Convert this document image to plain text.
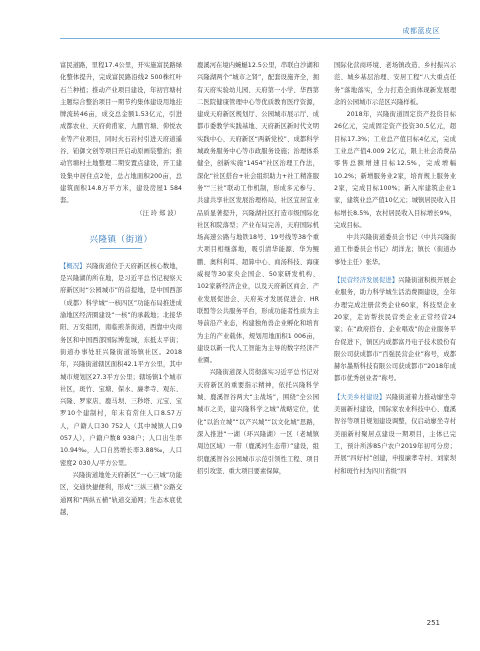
成都蓝皮区

富民道路，里程17.4公里，开实施富民路绿化整体提升，完成富民路沿线2 500株红叶石兰种植；推动产业项目建设，年初官塘村主题综合整治项目一期节约集体建设用地挂牌流转46亩，成交总金额1.53亿元，引进成都农业、天府荷甫家、九鹏官塘、仰悦农业等产业项目，同时火石岩村引进天府道遥谷、铂御文创等项目开启动原画装整治；推动官塘村土地整理二期安置点建设，开工建设集中居住点2处，总占地面积200亩，总建筑面积14.8万平方米，建设房屋1 584套。

（汪 玲 郑 波）

兴隆镇（街道）

【概况】兴隆街道位于天府新区核心数地，是兴隆湖的所在地，是习近平总书记视察天府新区时“公园城市”的首提地，是中国西部（成都）科学城“一核四区”功能布局推进成渝地区经济圈建设“一核”的承载地；北接华阳、万安组团，南临煎茶街道，西靠中央商务区和中国西部国际博览城，东抵太平街；街道办事处驻兴隆街道场镇社区。2018年，兴隆街道辖区面积42.1平方公里，其中城市规划区27.3平方公里；辖场镇1个城市社区，斑竹、宝塘、保水、廉孝寺、观东、兴隆、罗家店、鹿马坝、三秒塔、元宝、宝罗10个建制村，年末有常住人口8.57万人，户籍人口30 752人（其中城镇人口9 057人），户籍户数8 938户；人口出生率10.94‰，人口自然增长率3.88‰，人口密度2 030人/平方公里。

兴隆街道地处天府新区“一心三城”功能区，交通快捷便利，形成“三纵三横”公路交通网和“两纵五横”轨道交通网；生态本底优越，

鹿溪河在境内蜿蜒12.5公里，串联白沙湖和兴隆湖两个“城市之肾”，配套设施齐全，拥有天府实验幼儿园、天府第一小学、华西第二医院健康管理中心等优质教育医疗资源，建成天府新区规划厅、公园城市展示厅、成都市委教学实践基地、天府新区新时代文明实践中心、天府新区“两新党校”、成都科学城政务服务中心等市政服务设施；治理体系健全，创新实施“1454”社区治理工作法，深化“社区搭台+社会组织助力+社工精准服务”“三社”联动工作机制，形成多元参与、共建共享社区发展治理格局，社区宜居宜业品质显著提升，兴隆湖社区打造市级国际化社区和院落型；产业布局完善，天府国际机场高速公路与地铁18号、19号线等38个重大项目相继落地，吸引清华能源、华为鲲鹏、奥科利耳、超算中心、商汤科技、海康威视等30家央企国企、50家研发机构、102家新经济企业，以及天府新区商会、产业发展促进会、天府英才发展促进会、HR联盟等公共服务平台，形成功能者性质为主导前沿产业态，构建独角兽企业孵化和培育为主的产业载体，规划用地面积1 006亩，建设以新一代人工智能为主导的数字经济产业圈。

兴隆街道深入贯彻落实习近平总书记对天府新区的重要指示精神，依托兴隆科学城、鹿溪智谷两大“主战场”，围绕“全公园城市之美，建兴隆科学之城”战略定位，优化“以治立城”“以产兴城”“以文化城”思路，深入推进“一湖（环兴隆湖）一区（老城镇周边区域）一带（鹿溪河生态带）”建设，组织鹿溪智谷公园城市示范引领性工程、项目招引攻坚、重大项目要素保障，

国际化营商环境、老场镇改造、乡村振兴示范、城乡基层治理、安居工程“八大重点任务”落地落实，全力打造全面体现新发展理念的公园城市示范区兴隆样板。

2018年，兴隆街道固定资产投资目标26亿元，完成固定资产投资30.5亿元，超目标17.3%；工业总产值目标4亿元，完成工业总产值4.009 2亿元，限上社会消费品零售总额增速目标12.5%，完成增幅10.2%；新增服务业2家，培育规上服务业2家，完成目标100%；新入库建筑企业1家，建筑业总产值10亿元；城镇居民收入目标增长8.5%，农村居民收入目标增长9%，完成目标。

中共兴隆街道委员会书记（中共兴隆街道工作委员会书记）胡洋龙；镇长（街道办事处主任）张华。

【民营经济发展促进】兴隆街道积极开展企业服务，助力科学城生活消费圈建设，全年办理完成注册营类企业60家，科技型企业20家，走访帮扶民营类企业正常经营24家；在“政府搭台、企业唱戏”的企业服务平台促进下，镇区内成都富丹电子技术股份有限公司获成都市“百强民营企业”称号，成都赫尔墨斯科技有限公司获成都市“2018年成都市优秀创业者”称号。

【大美乡村建设】兴隆街道着力推动廖坐寺美丽新村建设，国际家农业科技中心、鹿溪智谷等项目规划建设调整，仅启动廖坐寺村美丽新村聚居点建设一期项目，主体已完工，预计所涉85户农户2019年初可分房；开展“四好村”创建，申报廉孝寺村、刘家坝村和斑竹村为四川省级“四

251
